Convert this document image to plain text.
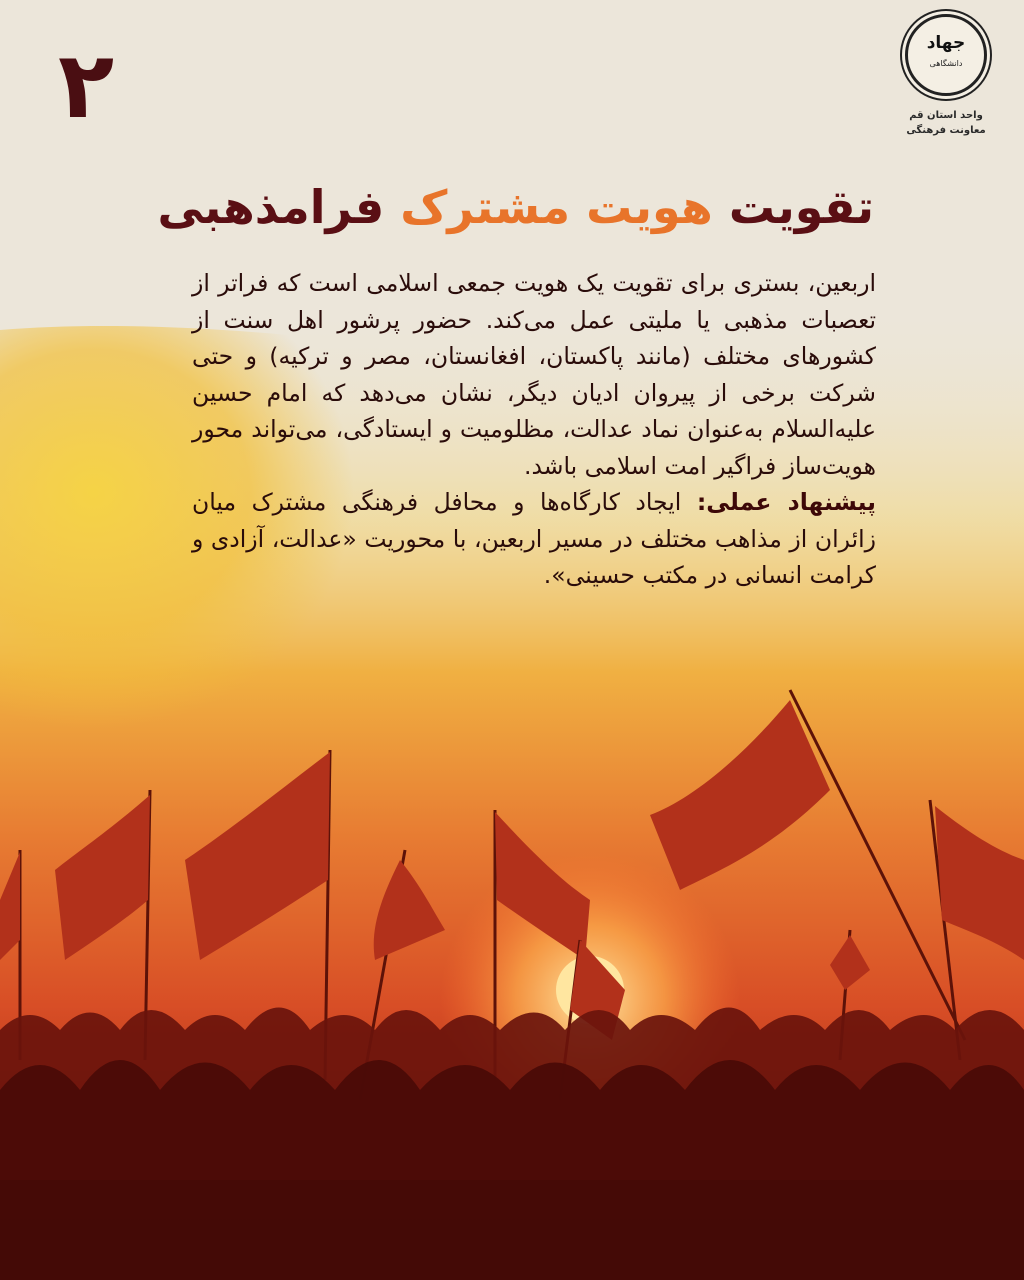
۲	جهاد
دانشگاهی
واحد استان قم
معاونت فرهنگی
تقویت هویت مشترک فرامذهبی

اربعین، بستری برای تقویت یک هویت جمعی اسلامی است که فراتر از تعصبات مذهبی یا ملیتی عمل می‌کند. حضور پرشور اهل سنت از کشورهای مختلف (مانند پاکستان، افغانستان، مصر و ترکیه) و حتی شرکت برخی از پیروان ادیان دیگر، نشان می‌دهد که امام حسین عليه‌السلام به‌عنوان نماد عدالت، مظلومیت و ایستادگی، می‌تواند محور هویت‌ساز فراگیر امت اسلامی باشد.

پیشنهاد عملی: ایجاد کارگاه‌ها و محافل فرهنگی مشترک میان زائران از مذاهب مختلف در مسیر اربعین، با محوریت «عدالت، آزادی و کرامت انسانی در مکتب حسینی».
